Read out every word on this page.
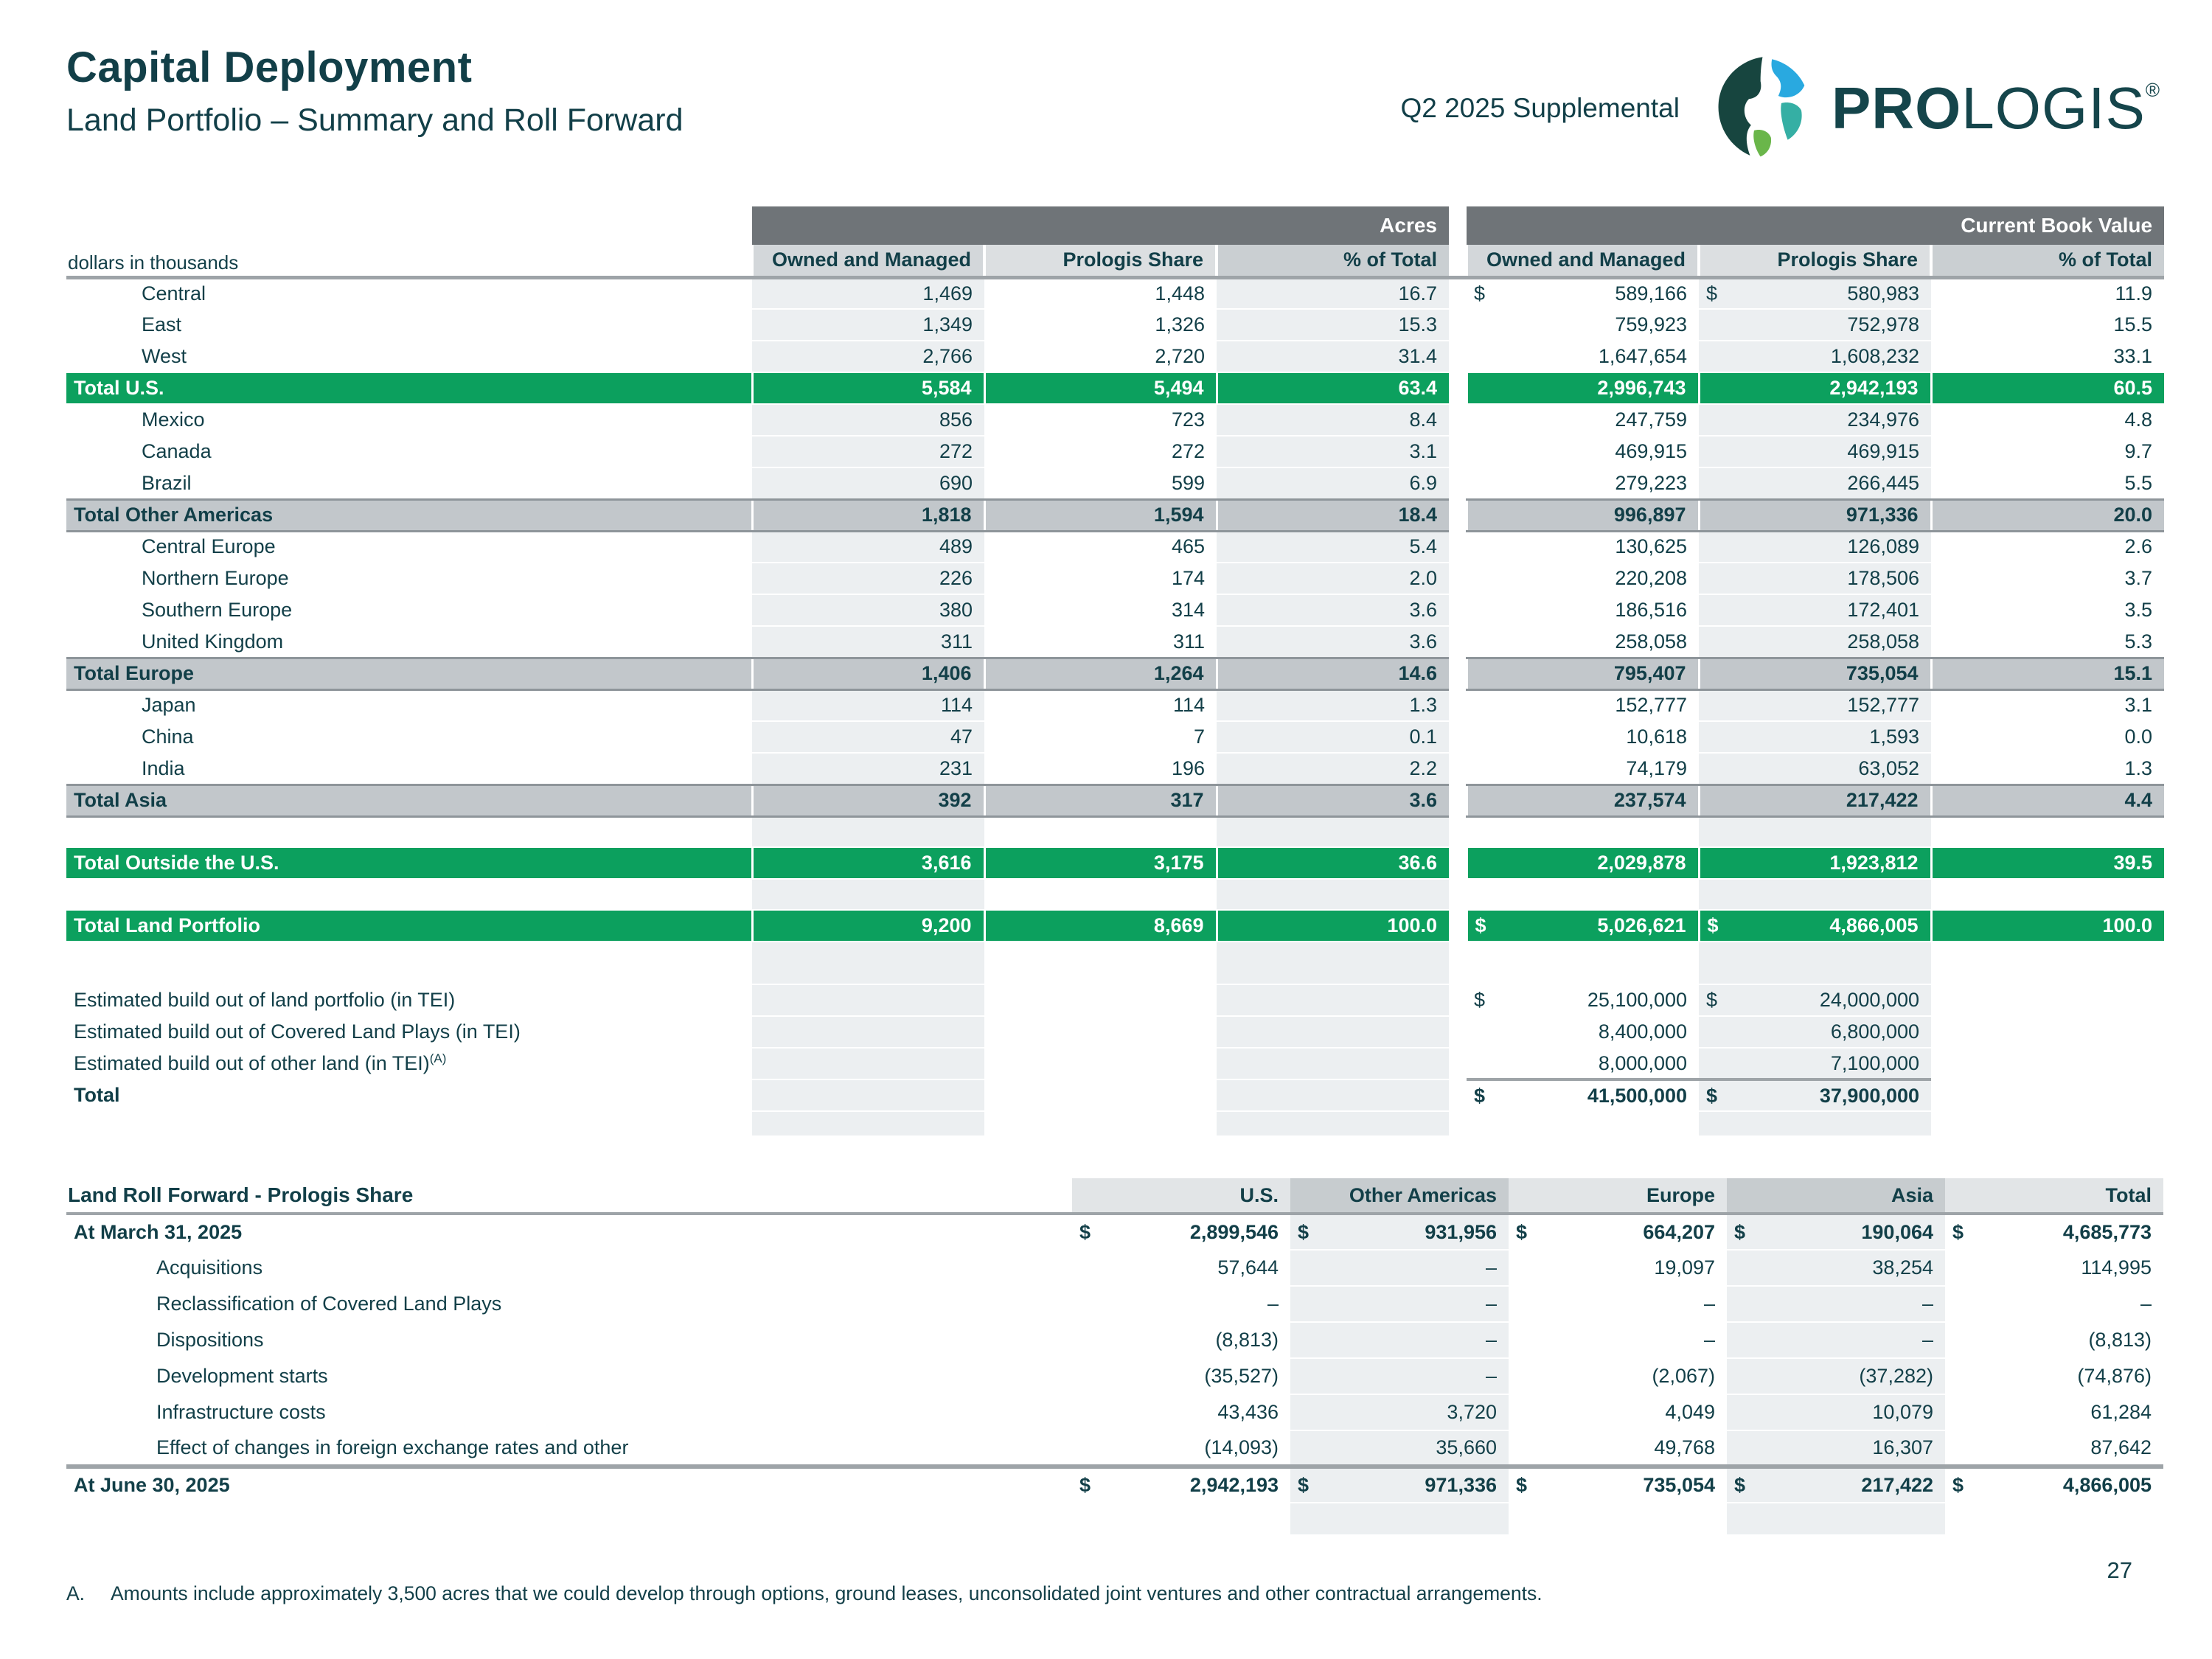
Capital Deployment
Land Portfolio – Summary and Roll Forward	Q2 2025 Supplemental	PRO LOGIS ®
	Acres				Current Book Value		
dollars in thousands	Owned and Managed	Prologis Share	% of Total		Owned and Managed	Prologis Share	% of Total
Central	1,469	1,448	16.7		$ 589,166	$ 580,983	11.9

East	1,349	1,326	15.3		759,923	752,978	15.5

West	2,766	2,720	31.4		1,647,654	1,608,232	33.1

Total U.S.	5,584	5,494	63.4		2,996,743	2,942,193	60.5

Mexico	856	723	8.4		247,759	234,976	4.8

Canada	272	272	3.1		469,915	469,915	9.7

Brazil	690	599	6.9		279,223	266,445	5.5

Total Other Americas	1,818	1,594	18.4		996,897	971,336	20.0

Central Europe	489	465	5.4		130,625	126,089	2.6

Northern Europe	226	174	2.0		220,208	178,506	3.7

Southern Europe	380	314	3.6		186,516	172,401	3.5

United Kingdom	311	311	3.6		258,058	258,058	5.3

Total Europe	1,406	1,264	14.6		795,407	735,054	15.1

Japan	114	114	1.3		152,777	152,777	3.1

China	47	7	0.1		10,618	1,593	0.0

India	231	196	2.2		74,179	63,052	1.3

Total Asia	392	317	3.6		237,574	217,422	4.4

Total Outside the U.S.	3,616	3,175	36.6		2,029,878	1,923,812	39.5

Total Land Portfolio	9,200	8,669	100.0		$ 5,026,621	$ 4,866,005	100.0

Estimated build out of land portfolio (in TEI)					$ 25,100,000	$ 24,000,000	

Estimated build out of Covered Land Plays (in TEI)					8,400,000	6,800,000	

Estimated build out of other land (in TEI)$^{(A)}$					8,000,000	7,100,000	

Total					$ 41,500,000	$ 37,900,000	

Land Roll Forward - Prologis Share	U.S.	Other Americas	Europe	Asia	Total
At March 31, 2025	$ 2,899,546	$ 931,956	$ 664,207	$ 190,064	$ 4,685,773

Acquisitions	57,644	–	19,097	38,254	114,995

Reclassification of Covered Land Plays	–	–	–	–	–

Dispositions	(8,813)	–	–	–	(8,813)

Development starts	(35,527)	–	(2,067)	(37,282)	(74,876)

Infrastructure costs	43,436	3,720	4,049	10,079	61,284

Effect of changes in foreign exchange rates and other	(14,093)	35,660	49,768	16,307	87,642

At June 30, 2025	$ 2,942,193	$ 971,336	$ 735,054	$ 217,422	$ 4,866,005

27
A.	Amounts include approximately 3,500 acres that we could develop through options, ground leases, unconsolidated joint ventures and other contractual arrangements.
